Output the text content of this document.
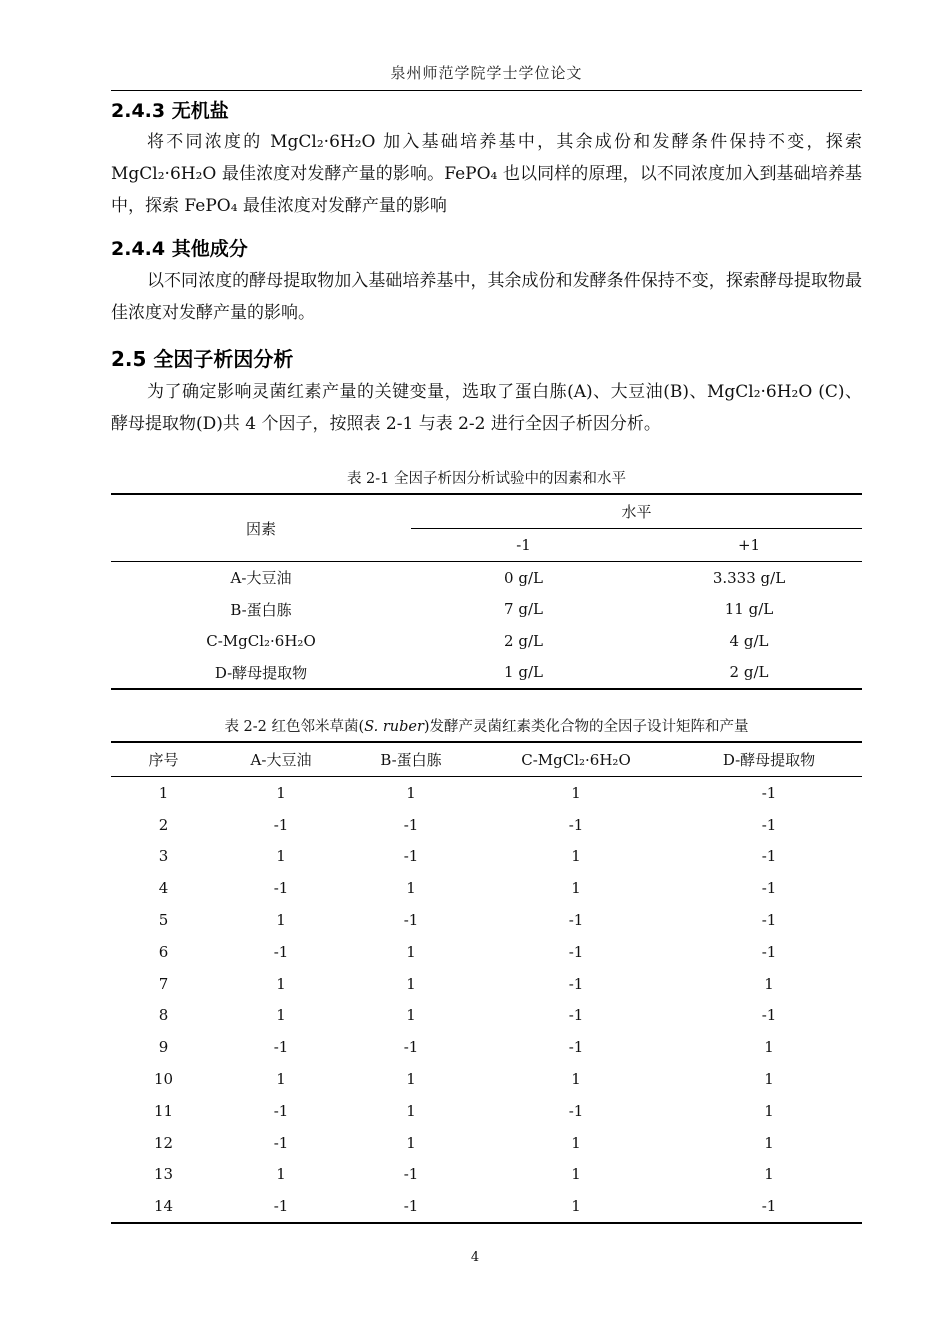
泉州师范学院学士学位论文
2.4.3 无机盐

将不同浓度的 MgCl₂·6H₂O 加入基础培养基中，其余成份和发酵条件保持不变，探索 MgCl₂·6H₂O 最佳浓度对发酵产量的影响。FePO₄ 也以同样的原理，以不同浓度加入到基础培养基中，探索 FePO₄ 最佳浓度对发酵产量的影响

2.4.4 其他成分

以不同浓度的酵母提取物加入基础培养基中，其余成份和发酵条件保持不变，探索酵母提取物最佳浓度对发酵产量的影响。

2.5 全因子析因分析

为了确定影响灵菌红素产量的关键变量，选取了蛋白胨(A)、大豆油(B)、MgCl₂·6H₂O (C)、酵母提取物(D)共 4 个因子，按照表 2-1 与表 2-2 进行全因子析因分析。

表 2-1 全因子析因分析试验中的因素和水平
因素	水平	
	-1	+1
A-大豆油	0 g/L	3.333 g/L
B-蛋白胨	7 g/L	11 g/L
C-MgCl₂·6H₂O	2 g/L	4 g/L
D-酵母提取物	1 g/L	2 g/L
表 2-2 红色邻米草菌(S. ruber)发酵产灵菌红素类化合物的全因子设计矩阵和产量
序号	A-大豆油	B-蛋白胨	C-MgCl₂·6H₂O	D-酵母提取物
1	1	1	1	-1
2	-1	-1	-1	-1
3	1	-1	1	-1
4	-1	1	1	-1
5	1	-1	-1	-1
6	-1	1	-1	-1
7	1	1	-1	1
8	1	1	-1	-1
9	-1	-1	-1	1
10	1	1	1	1
11	-1	1	-1	1
12	-1	1	1	1
13	1	-1	1	1
14	-1	-1	1	-1
4
